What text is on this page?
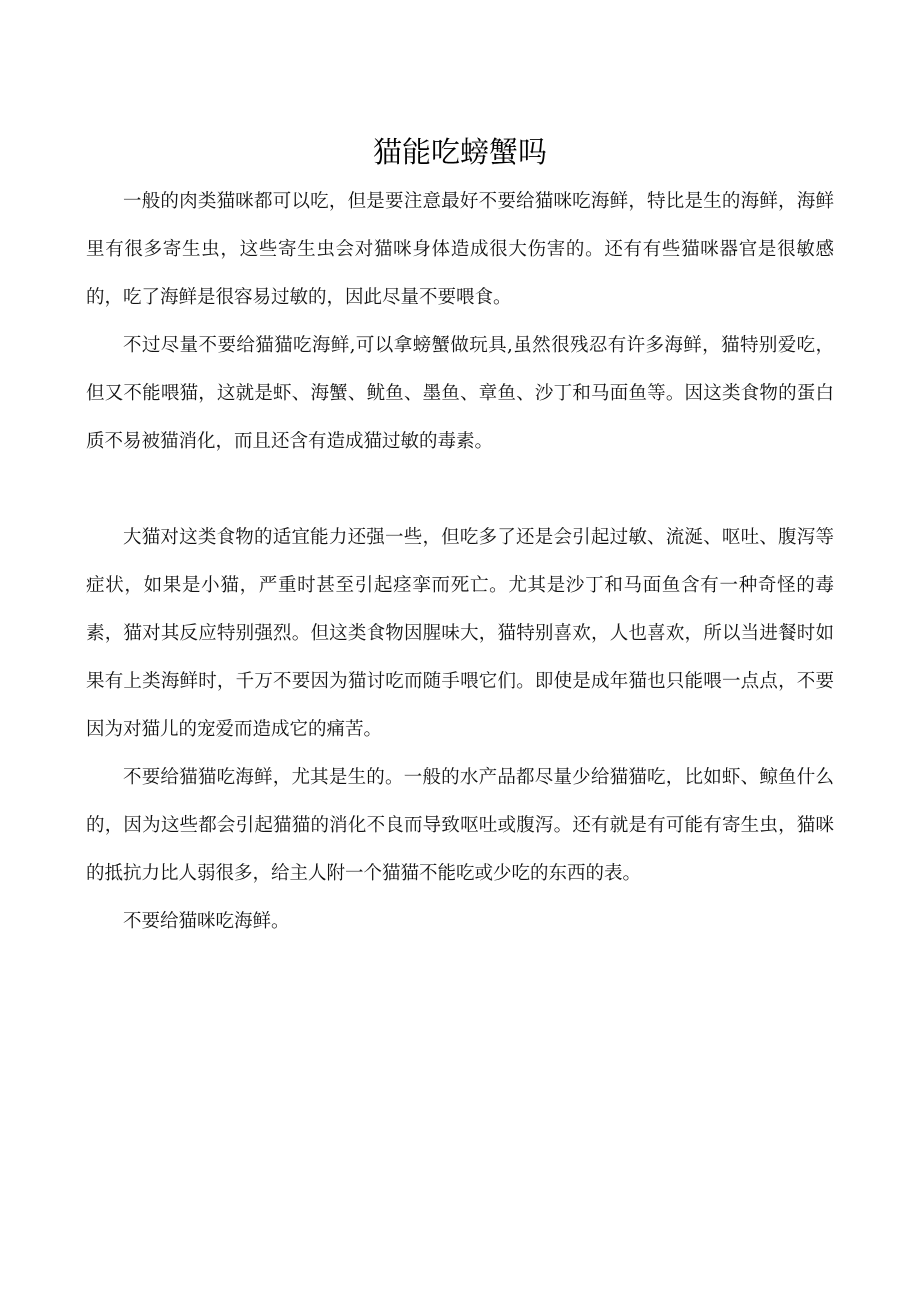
猫能吃螃蟹吗

一般的肉类猫咪都可以吃，但是要注意最好不要给猫咪吃海鲜，特比是生的海鲜，海鲜里有很多寄生虫，这些寄生虫会对猫咪身体造成很大伤害的。还有有些猫咪器官是很敏感的，吃了海鲜是很容易过敏的，因此尽量不要喂食。

不过尽量不要给猫猫吃海鲜,可以拿螃蟹做玩具,虽然很残忍有许多海鲜，猫特别爱吃，但又不能喂猫，这就是虾、海蟹、鱿鱼、墨鱼、章鱼、沙丁和马面鱼等。因这类食物的蛋白质不易被猫消化，而且还含有造成猫过敏的毒素。

大猫对这类食物的适宜能力还强一些，但吃多了还是会引起过敏、流涎、呕吐、腹泻等症状，如果是小猫，严重时甚至引起痉挛而死亡。尤其是沙丁和马面鱼含有一种奇怪的毒素，猫对其反应特别强烈。但这类食物因腥味大，猫特别喜欢，人也喜欢，所以当进餐时如果有上类海鲜时，千万不要因为猫讨吃而随手喂它们。即使是成年猫也只能喂一点点，不要因为对猫儿的宠爱而造成它的痛苦。

不要给猫猫吃海鲜，尤其是生的。一般的水产品都尽量少给猫猫吃，比如虾、鲸鱼什么的，因为这些都会引起猫猫的消化不良而导致呕吐或腹泻。还有就是有可能有寄生虫，猫咪的抵抗力比人弱很多，给主人附一个猫猫不能吃或少吃的东西的表。

不要给猫咪吃海鲜。
